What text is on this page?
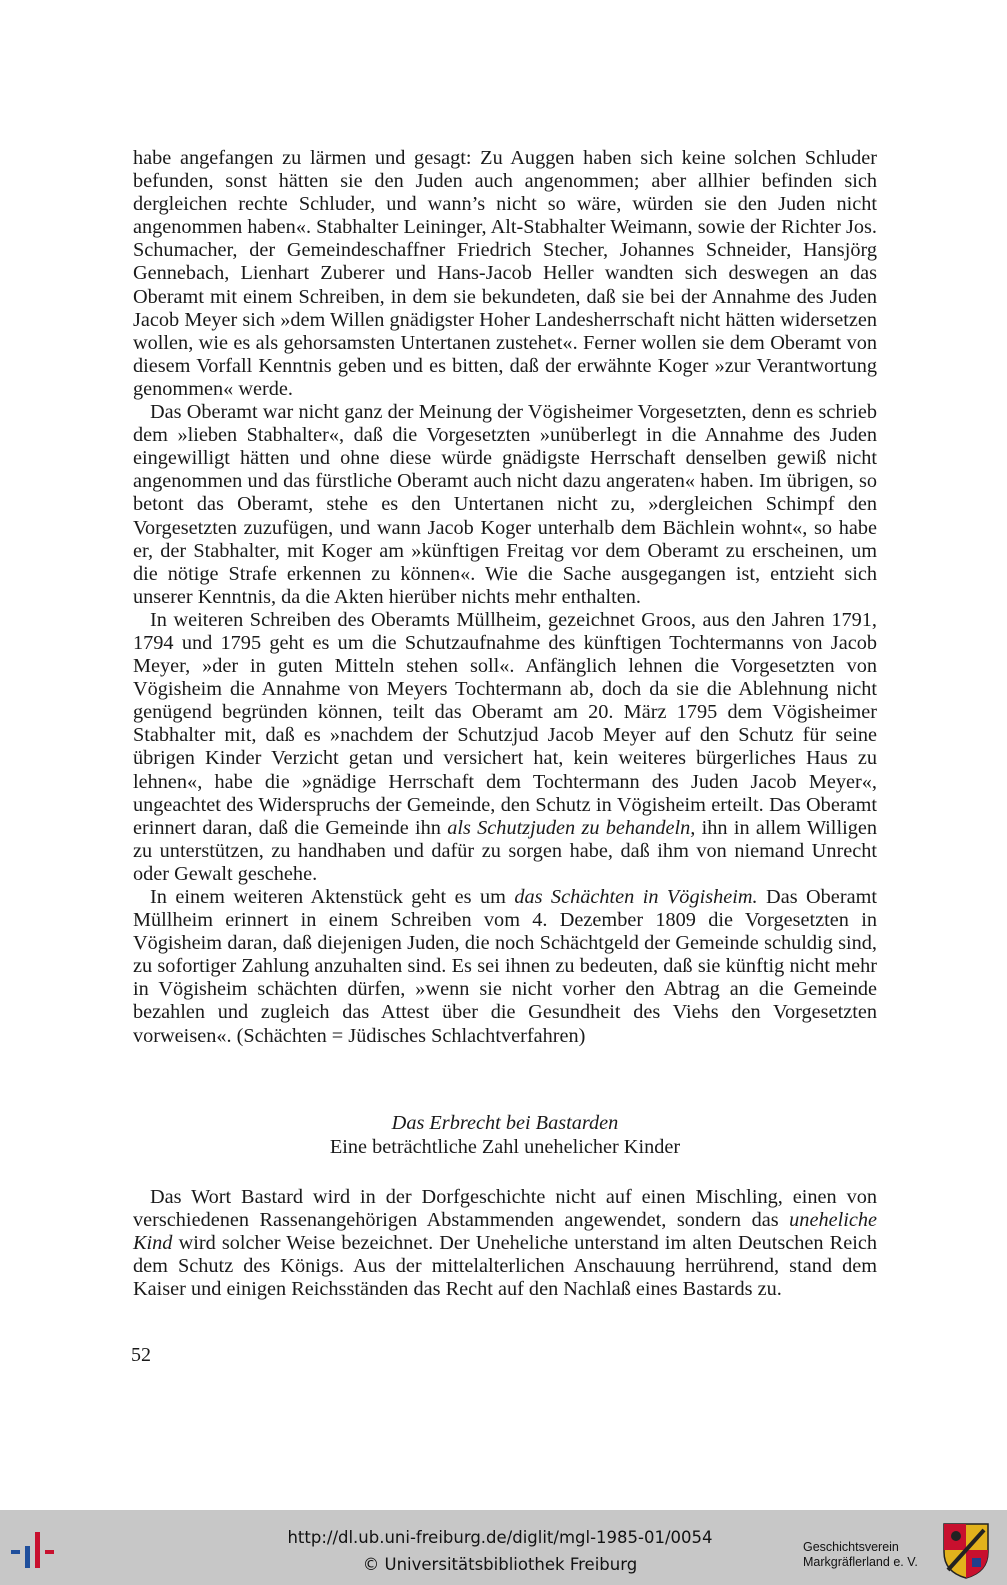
habe angefangen zu lärmen und gesagt: Zu Auggen haben sich keine solchen Schluder befunden, sonst hätten sie den Juden auch angenommen; aber allhier befinden sich dergleichen rechte Schluder, und wann’s nicht so wäre, würden sie den Juden nicht angenommen haben«. Stabhalter Leininger, Alt-Stabhalter Weimann, sowie der Richter Jos. Schumacher, der Gemeindeschaffner Friedrich Stecher, Johannes Schneider, Hansjörg Gennebach, Lienhart Zuberer und Hans-Jacob Heller wandten sich deswegen an das Oberamt mit einem Schreiben, in dem sie bekundeten, daß sie bei der Annahme des Juden Jacob Meyer sich »dem Willen gnädigster Hoher Landesherrschaft nicht hätten widersetzen wollen, wie es als gehorsamsten Untertanen zustehet«. Ferner wollen sie dem Oberamt von diesem Vorfall Kenntnis geben und es bitten, daß der erwähnte Koger »zur Verantwortung genommen« werde.

Das Oberamt war nicht ganz der Meinung der Vögisheimer Vorgesetzten, denn es schrieb dem »lieben Stabhalter«, daß die Vorgesetzten »unüberlegt in die Annahme des Juden eingewilligt hätten und ohne diese würde gnädigste Herrschaft denselben gewiß nicht angenommen und das fürstliche Oberamt auch nicht dazu angeraten« haben. Im übrigen, so betont das Oberamt, stehe es den Untertanen nicht zu, »dergleichen Schimpf den Vorgesetzten zuzufügen, und wann Jacob Koger unterhalb dem Bächlein wohnt«, so habe er, der Stabhalter, mit Koger am »künftigen Freitag vor dem Oberamt zu erscheinen, um die nötige Strafe erkennen zu können«. Wie die Sache ausgegangen ist, entzieht sich unserer Kenntnis, da die Akten hierüber nichts mehr enthalten.

In weiteren Schreiben des Oberamts Müllheim, gezeichnet Groos, aus den Jahren 1791, 1794 und 1795 geht es um die Schutzaufnahme des künftigen Tochtermanns von Jacob Meyer, »der in guten Mitteln stehen soll«. Anfänglich lehnen die Vorgesetzten von Vögisheim die Annahme von Meyers Tochtermann ab, doch da sie die Ablehnung nicht genügend begründen können, teilt das Oberamt am 20. März 1795 dem Vögisheimer Stabhalter mit, daß es »nachdem der Schutzjud Jacob Meyer auf den Schutz für seine übrigen Kinder Verzicht getan und versichert hat, kein weiteres bürgerliches Haus zu lehnen«, habe die »gnädige Herrschaft dem Tochtermann des Juden Jacob Meyer«, ungeachtet des Widerspruchs der Gemeinde, den Schutz in Vögisheim erteilt. Das Oberamt erinnert daran, daß die Gemeinde ihn als Schutzjuden zu behandeln, ihn in allem Willigen zu unterstützen, zu handhaben und dafür zu sorgen habe, daß ihm von niemand Unrecht oder Gewalt geschehe.

In einem weiteren Aktenstück geht es um das Schächten in Vögisheim. Das Oberamt Müllheim erinnert in einem Schreiben vom 4. Dezember 1809 die Vorgesetzten in Vögisheim daran, daß diejenigen Juden, die noch Schächtgeld der Gemeinde schuldig sind, zu sofortiger Zahlung anzuhalten sind. Es sei ihnen zu bedeuten, daß sie künftig nicht mehr in Vögisheim schächten dürfen, »wenn sie nicht vorher den Abtrag an die Gemeinde bezahlen und zugleich das Attest über die Gesundheit des Viehs den Vorgesetzten vorweisen«. (Schächten = Jüdisches Schlachtverfahren)

Das Erbrecht bei Bastarden
Eine beträchtliche Zahl unehelicher Kinder

Das Wort Bastard wird in der Dorfgeschichte nicht auf einen Mischling, einen von verschiedenen Rassenangehörigen Abstammenden angewendet, sondern das uneheliche Kind wird solcher Weise bezeichnet. Der Uneheliche unterstand im alten Deutschen Reich dem Schutz des Königs. Aus der mittelalterlichen Anschauung herrührend, stand dem Kaiser und einigen Reichsständen das Recht auf den Nachlaß eines Bastards zu.

52
http://dl.ub.uni-freiburg.de/diglit/mgl-1985-01/0054
© Universitätsbibliothek Freiburg
Geschichtsverein
Markgräflerland e. V.
